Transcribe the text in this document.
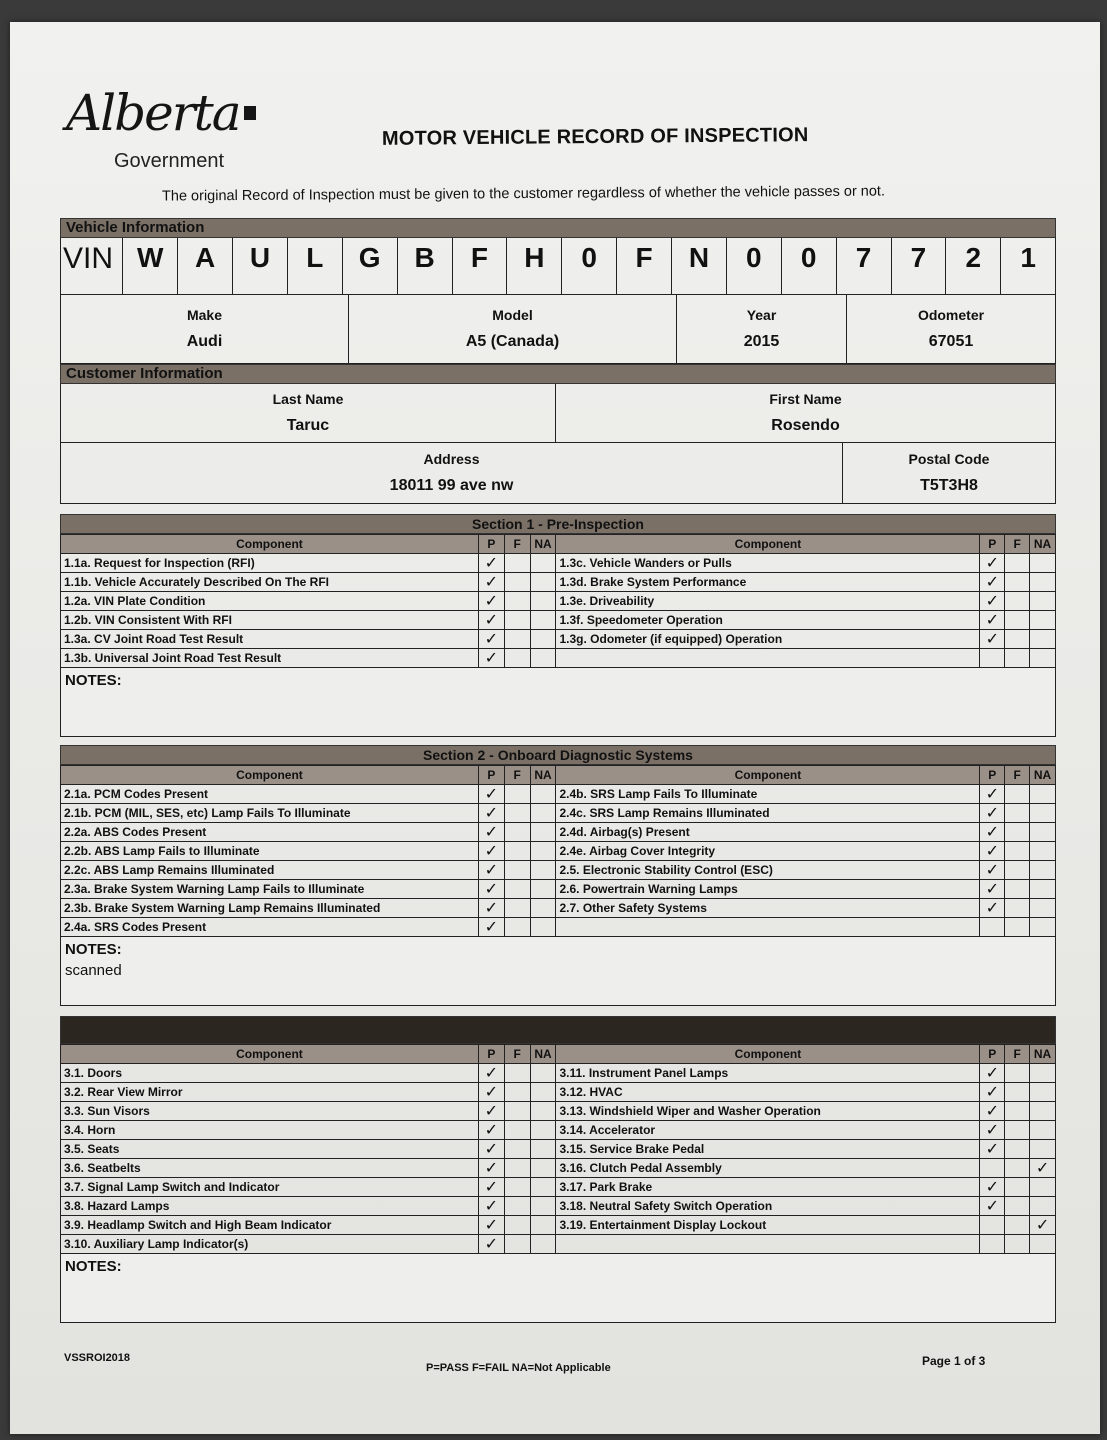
Alberta
Government
MOTOR VEHICLE RECORD OF INSPECTION
The original Record of Inspection must be given to the customer regardless of whether the vehicle passes or not.
Vehicle Information
VIN W	A	U	L	G	B	F	H	0	F	N	0	0	7	7	2	1
Make
Audi
Model
A5 (Canada)
Year
2015
Odometer
67051
Customer Information
Last Name
Taruc
First Name
Rosendo
Address
18011 99 ave nw
Postal Code
T5T3H8
Section 1 - Pre-Inspection
Component	P	F	NA	Component	P	F	NA
1.1a. Request for Inspection (RFI)	✓			1.3c. Vehicle Wanders or Pulls	✓		
1.1b. Vehicle Accurately Described On The RFI	✓			1.3d. Brake System Performance	✓		
1.2a. VIN Plate Condition	✓			1.3e. Driveability	✓		
1.2b. VIN Consistent With RFI	✓			1.3f. Speedometer Operation	✓		
1.3a. CV Joint Road Test Result	✓			1.3g. Odometer (if equipped) Operation	✓		
1.3b. Universal Joint Road Test Result	✓						
NOTES:
Section 2 - Onboard Diagnostic Systems
Component	P	F	NA	Component	P	F	NA
2.1a. PCM Codes Present	✓			2.4b. SRS Lamp Fails To Illuminate	✓		
2.1b. PCM (MIL, SES, etc) Lamp Fails To Illuminate	✓			2.4c. SRS Lamp Remains Illuminated	✓		
2.2a. ABS Codes Present	✓			2.4d. Airbag(s) Present	✓		
2.2b. ABS Lamp Fails to Illuminate	✓			2.4e. Airbag Cover Integrity	✓		
2.2c. ABS Lamp Remains Illuminated	✓			2.5. Electronic Stability Control (ESC)	✓		
2.3a. Brake System Warning Lamp Fails to Illuminate	✓			2.6. Powertrain Warning Lamps	✓		
2.3b. Brake System Warning Lamp Remains Illuminated	✓			2.7. Other Safety Systems	✓		
2.4a. SRS Codes Present	✓						
NOTES:
scanned
Component	P	F	NA	Component	P	F	NA
3.1. Doors	✓			3.11. Instrument Panel Lamps	✓		
3.2. Rear View Mirror	✓			3.12. HVAC	✓		
3.3. Sun Visors	✓			3.13. Windshield Wiper and Washer Operation	✓		
3.4. Horn	✓			3.14. Accelerator	✓		
3.5. Seats	✓			3.15. Service Brake Pedal	✓		
3.6. Seatbelts	✓			3.16. Clutch Pedal Assembly			✓
3.7. Signal Lamp Switch and Indicator	✓			3.17. Park Brake	✓		
3.8. Hazard Lamps	✓			3.18. Neutral Safety Switch Operation	✓		
3.9. Headlamp Switch and High Beam Indicator	✓			3.19. Entertainment Display Lockout			✓
3.10. Auxiliary Lamp Indicator(s)	✓						
NOTES:
VSSROI2018
P=PASS F=FAIL NA=Not Applicable	Page 1 of 3
